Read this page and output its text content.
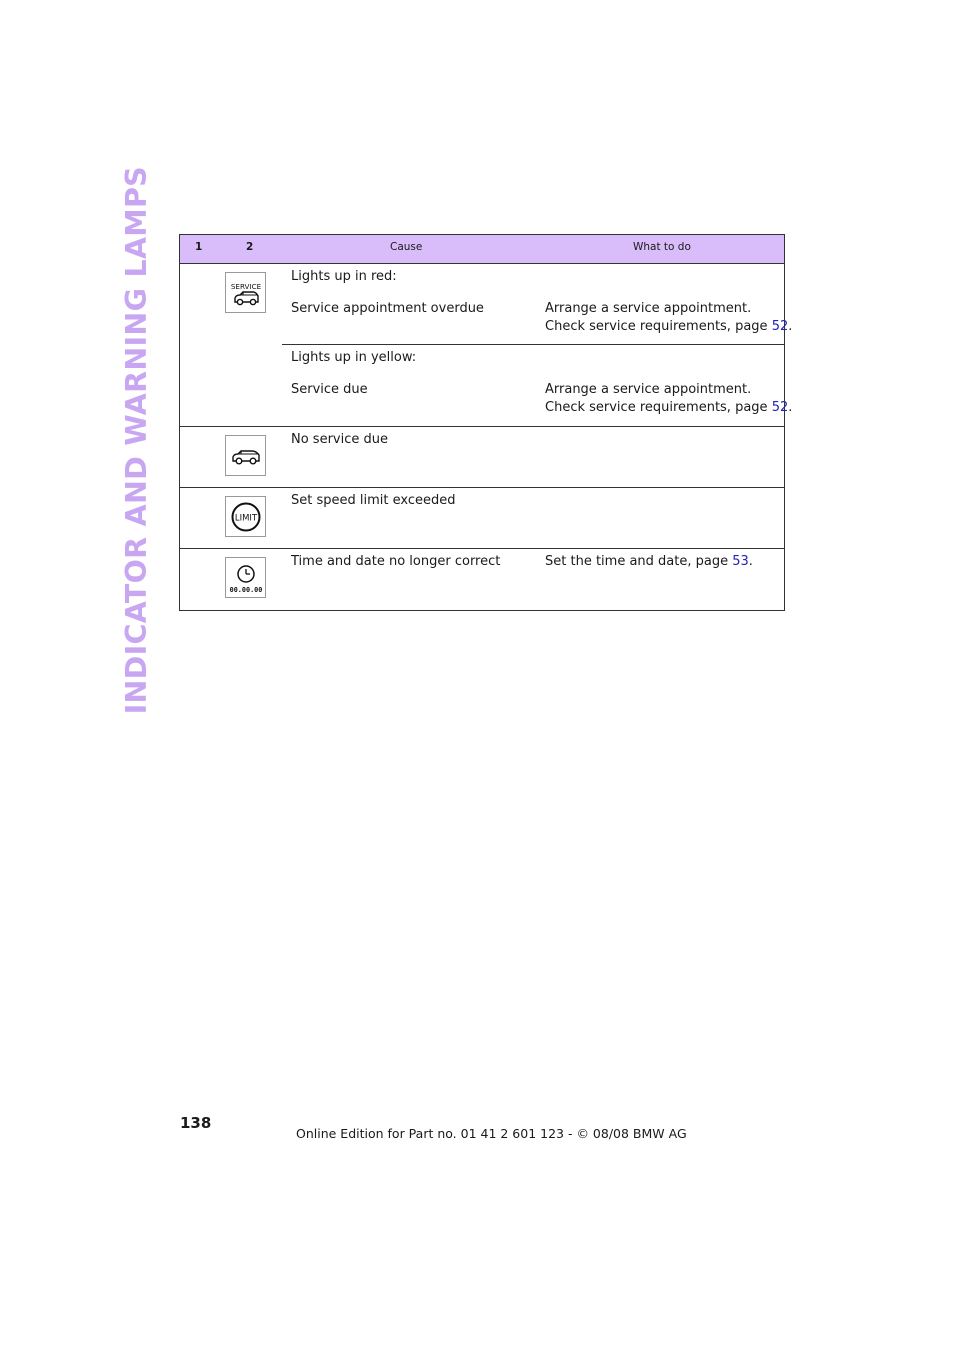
INDICATOR AND WARNING LAMPS	1	2	Cause	What to do
SERVICE
Lights up in red:
Service appointment overdue	Arrange a service appointment.
Check service requirements, page 52.
Lights up in yellow:
Service due	Arrange a service appointment.
Check service requirements, page 52.
No service due
LIMIT
Set speed limit exceeded
00.00.00
Time and date no longer correct	Set the time and date, page 53.
138
Online Edition for Part no. 01 41 2 601 123 - © 08/08 BMW AG
